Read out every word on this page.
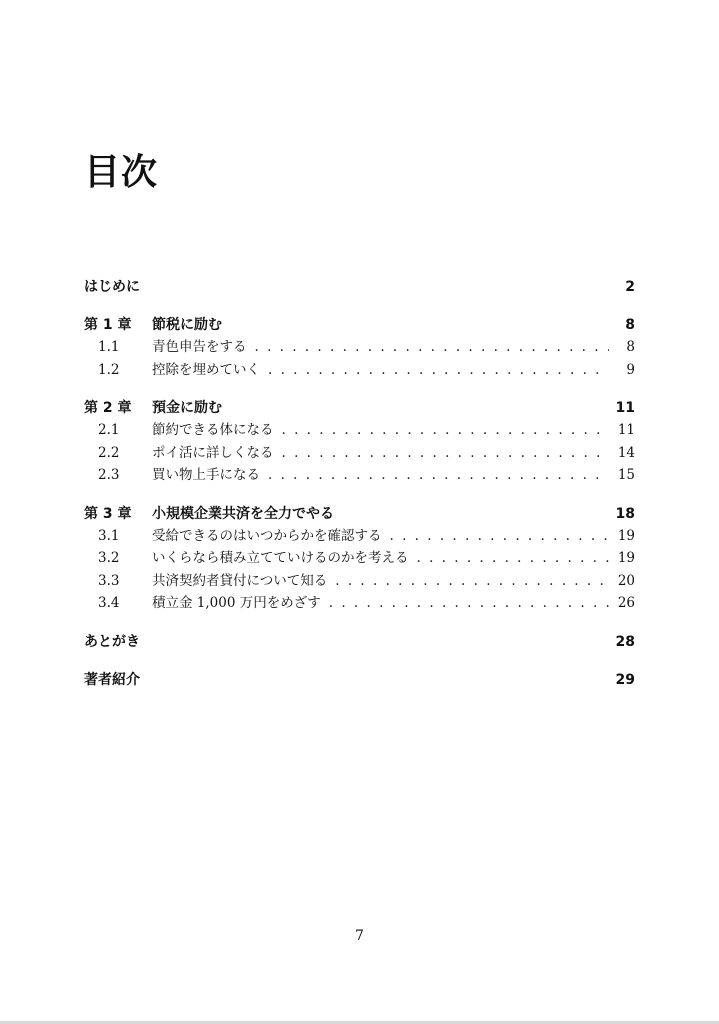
目次
はじめに	2
第 1 章	節税に励む	8
1.1	青色申告をする . . .	8
1.2	控除を埋めていく . . .	9
第 2 章	預金に励む	11
2.1	節約できる体になる . . .	11
2.2	ポイ活に詳しくなる . . .	14
2.3	買い物上手になる . . .	15
第 3 章	小規模企業共済を全力でやる	18
3.1	受給できるのはいつからかを確認する . . .	19
3.2	いくらなら積み立てていけるのかを考える . . .	19
3.3	共済契約者貸付について知る . . .	20
3.4	積立金 1,000 万円をめざす . . .	26
あとがき	28
著者紹介	29
7
